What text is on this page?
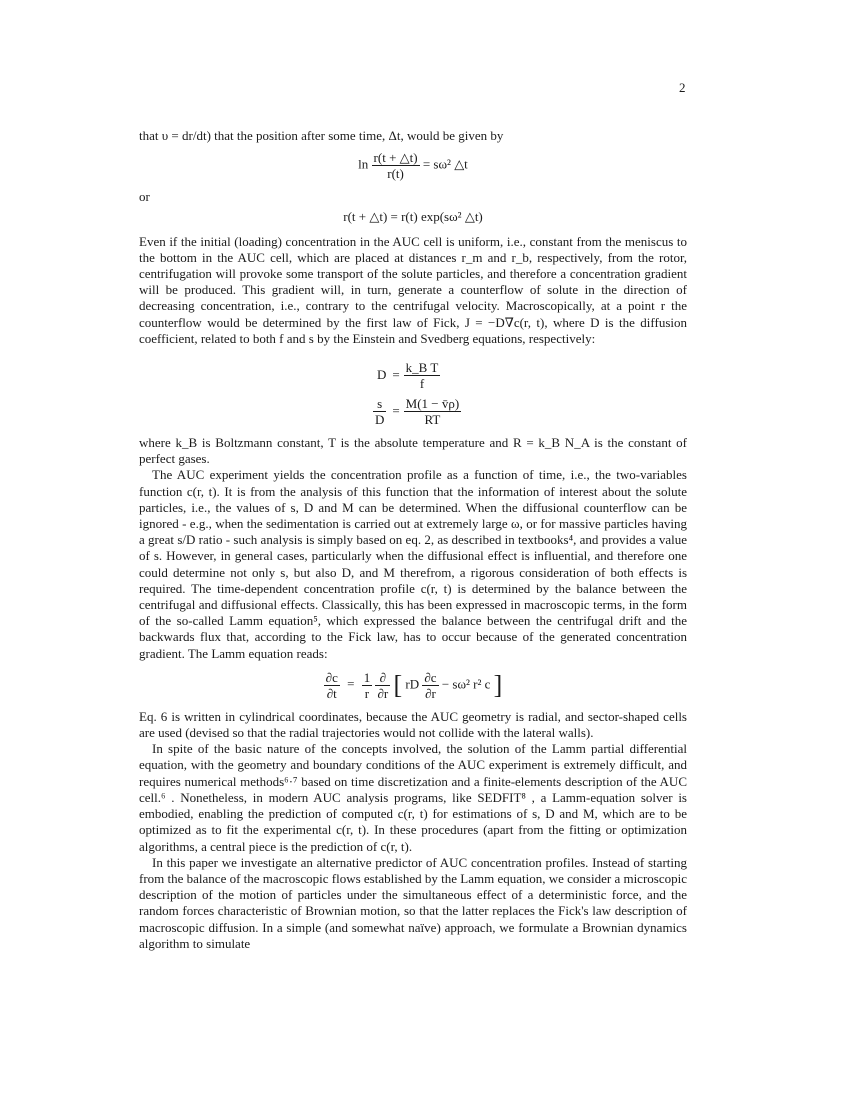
2

that υ = dr/dt) that the position after some time, Δt, would be given by

$\ln \frac{r(t + \triangle t)}{r(t)} = s\omega^2$ △t

or

r(t + △t) = r(t) exp(sω² △t)

Even if the initial (loading) concentration in the AUC cell is uniform, i.e., constant from the meniscus to the bottom in the AUC cell, which are placed at distances r_m and r_b, respectively, from the rotor, centrifugation will provoke some transport of the solute particles, and therefore a concentration gradient will be produced. This gradient will, in turn, generate a counterflow of solute in the direction of decreasing concentration, i.e., contrary to the centrifugal velocity. Macroscopically, at a point r the counterflow would be determined by the first law of Fick, J = −D∇c(r, t), where D is the diffusion coefficient, related to both f and s by the Einstein and Svedberg equations, respectively:

$D = \frac{\text{k\_B T}}{f}$
$\frac{s}{D} = \frac{M(1 - v̄\rho)}{RT}$

where k_B is Boltzmann constant, T is the absolute temperature and R = k_B N_A is the constant of perfect gases.

The AUC experiment yields the concentration profile as a function of time, i.e., the two-variables function c(r, t). It is from the analysis of this function that the information of interest about the solute particles, i.e., the values of s, D and M can be determined. When the diffusional counterflow can be ignored - e.g., when the sedimentation is carried out at extremely large ω, or for massive particles having a great s/D ratio - such analysis is simply based on eq. 2, as described in textbooks⁴, and provides a value of s. However, in general cases, particularly when the diffusional effect is influential, and therefore one could determine not only s, but also D, and M therefrom, a rigorous consideration of both effects is required. The time-dependent concentration profile c(r, t) is determined by the balance between the centrifugal and diffusional effects. Classically, this has been expressed in macroscopic terms, in the form of the so-called Lamm equation⁵, which expressed the balance between the centrifugal drift and the backwards flux that, according to the Fick law, has to occur because of the generated concentration gradient. The Lamm equation reads:

$\frac{\partial c}{\partial t} = \frac{1}{r}$
$\frac{\partial}{\partial r}$ [ rD $\frac{\partial c}{\partial r} - s\omega^2$ r² c ]

Eq. 6 is written in cylindrical coordinates, because the AUC geometry is radial, and sector-shaped cells are used (devised so that the radial trajectories would not collide with the lateral walls).

In spite of the basic nature of the concepts involved, the solution of the Lamm partial differential equation, with the geometry and boundary conditions of the AUC experiment is extremely difficult, and requires numerical methods⁶·⁷ based on time discretization and a finite-elements description of the AUC cell.⁶ . Nonetheless, in modern AUC analysis programs, like SEDFIT⁸ , a Lamm-equation solver is embodied, enabling the prediction of computed c(r, t) for estimations of s, D and M, which are to be optimized as to fit the experimental c(r, t). In these procedures (apart from the fitting or optimization algorithms, a central piece is the prediction of c(r, t).

In this paper we investigate an alternative predictor of AUC concentration profiles. Instead of starting from the balance of the macroscopic flows established by the Lamm equation, we consider a microscopic description of the motion of particles under the simultaneous effect of a deterministic force, and the random forces characteristic of Brownian motion, so that the latter replaces the Fick's law description of macroscopic diffusion. In a simple (and somewhat naïve) approach, we formulate a Brownian dynamics algorithm to simulate
